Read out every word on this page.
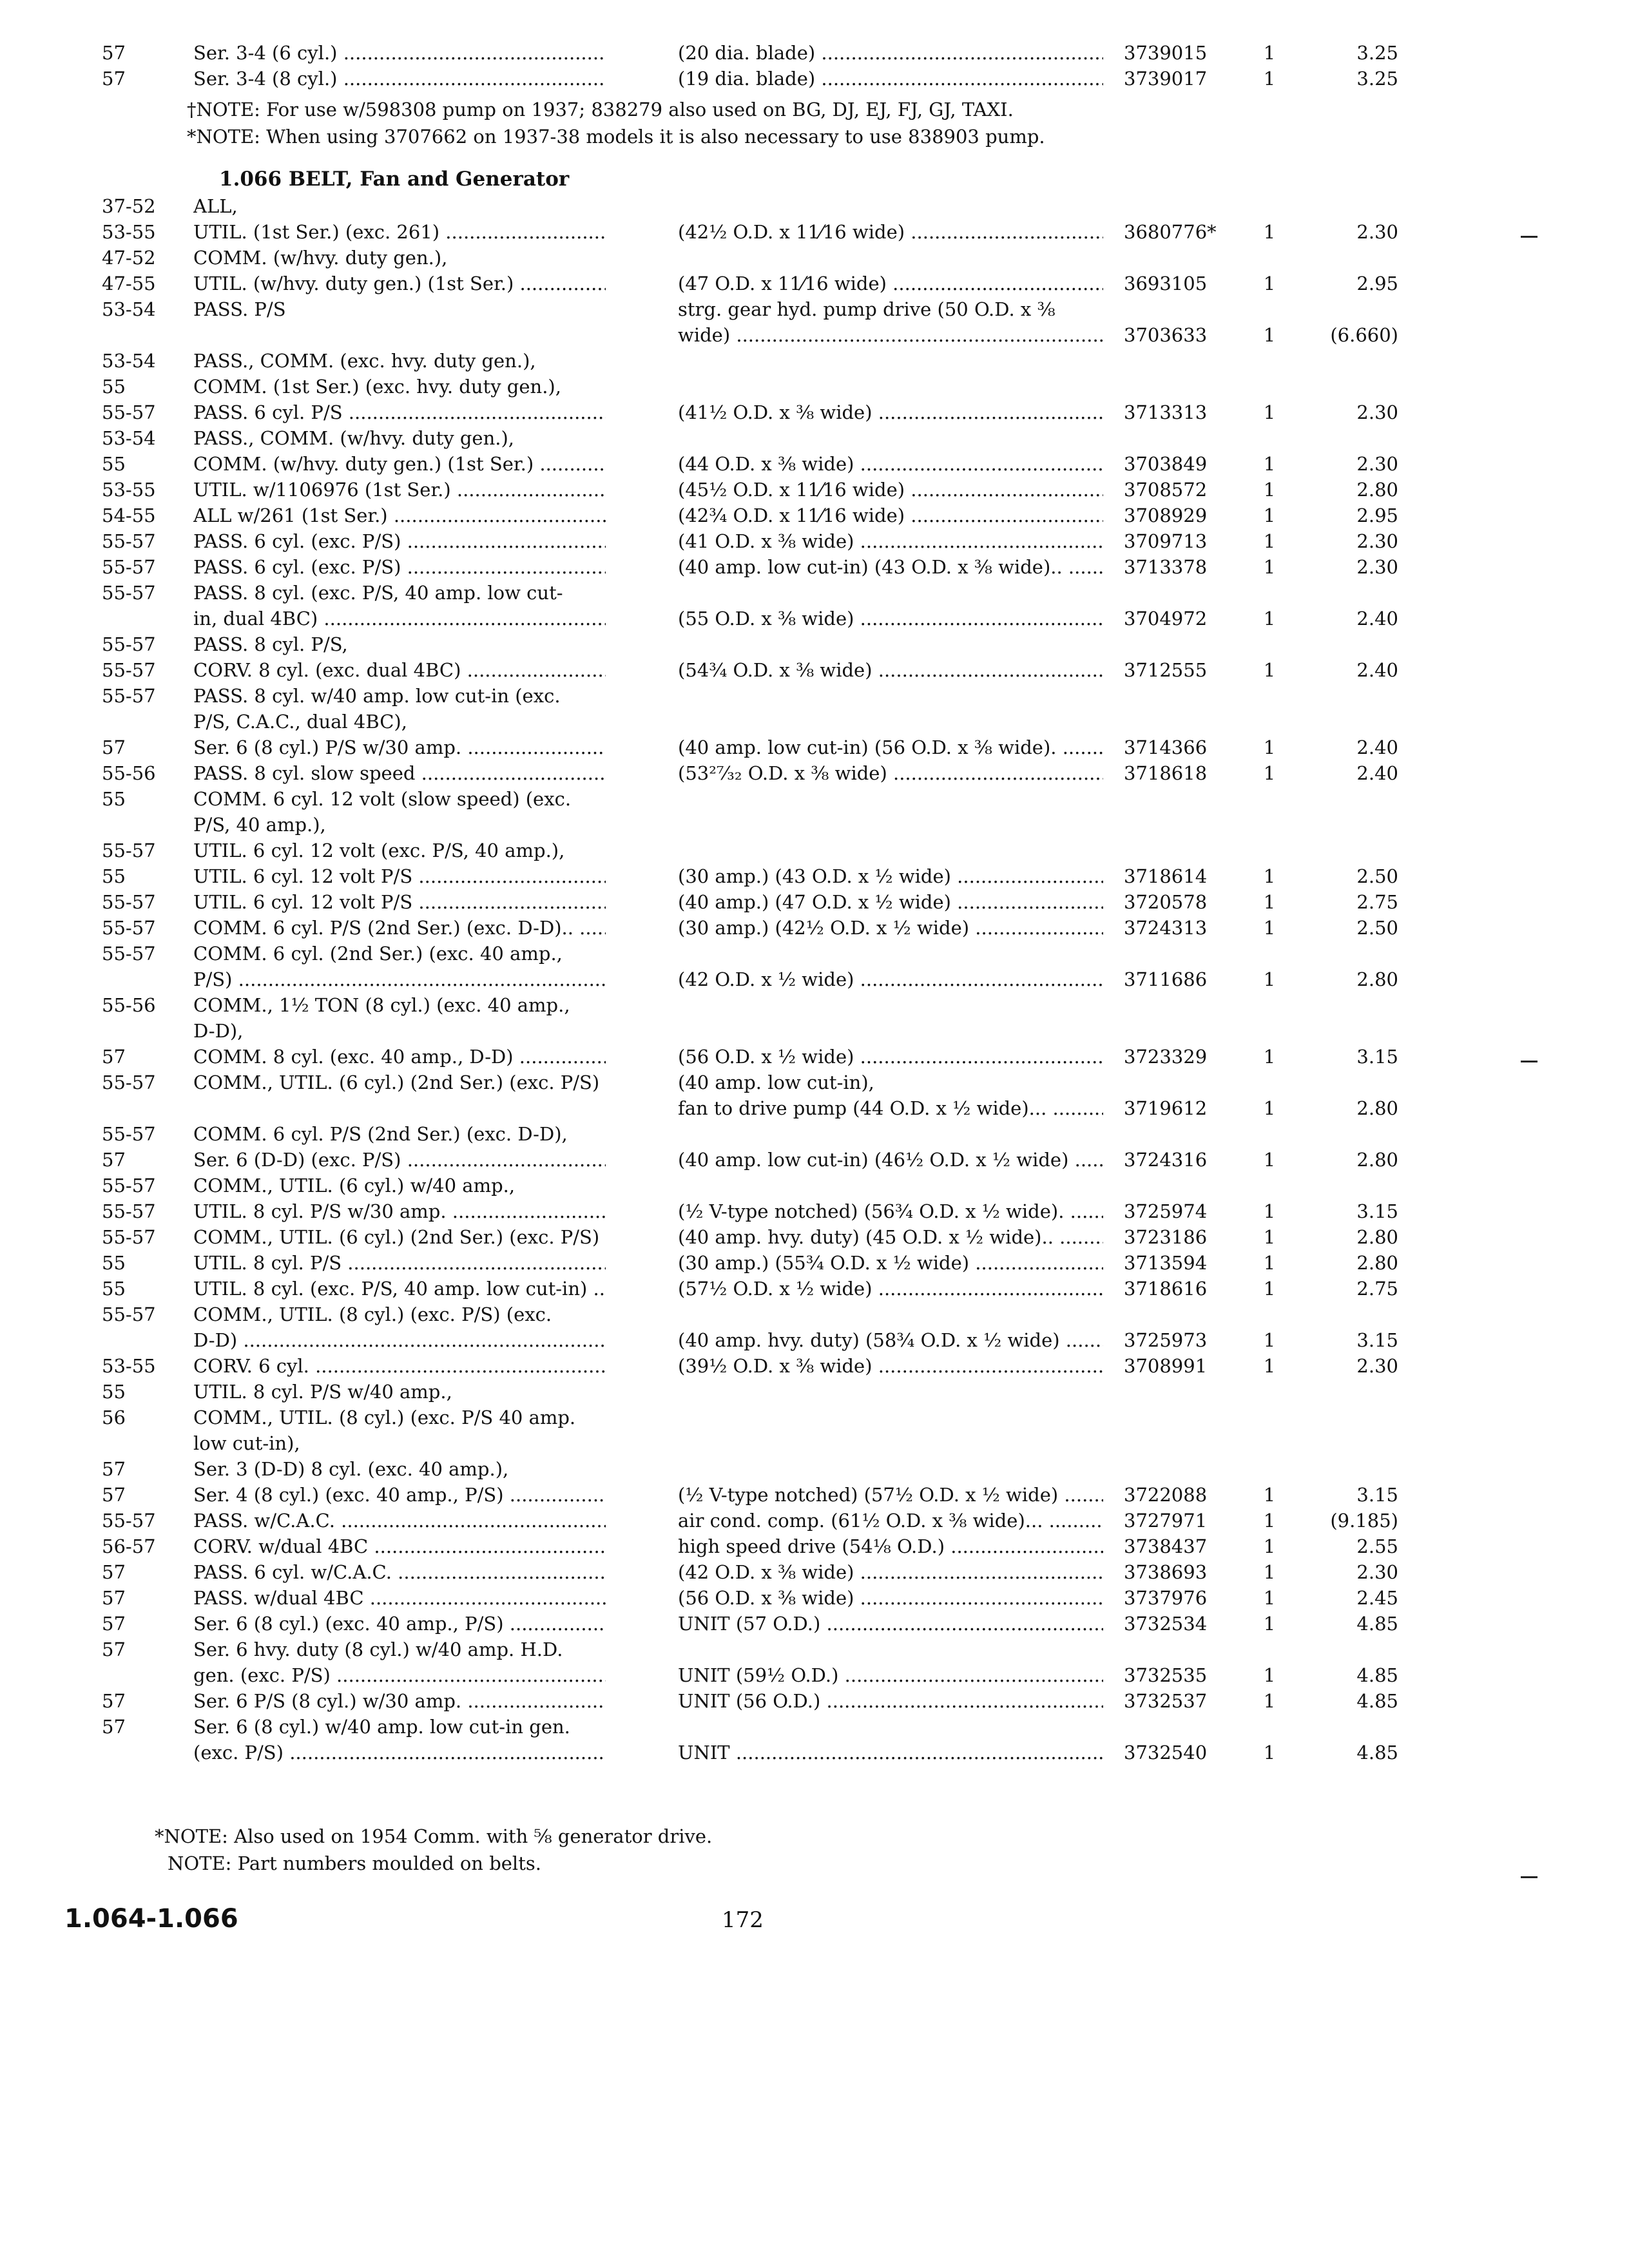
57	Ser. 3-4 (6 cyl.) .....	(20 dia. blade) .....	3739015	1	3.25
57	Ser. 3-4 (8 cyl.) .....	(19 dia. blade) .....	3739017	1	3.25
†NOTE: For use w/598308 pump on 1937; 838279 also used on BG, DJ, EJ, FJ, GJ, TAXI.
*NOTE: When using 3707662 on 1937-38 models it is also necessary to use 838903 pump.
1.066 BELT, Fan and Generator
37-52	ALL,
53-55	UTIL. (1st Ser.) (exc. 261) .....	(42½ O.D. x 11⁄16 wide) .....	3680776*	1	2.30
47-52	COMM. (w/hvy. duty gen.),
47-55	UTIL. (w/hvy. duty gen.) (1st Ser.) .....	(47 O.D. x 11⁄16 wide) .....	3693105	1	2.95
53-54	PASS. P/S	strg. gear hyd. pump drive (50 O.D. x ⅜
wide) .....	3703633	1	(6.660)
53-54	PASS., COMM. (exc. hvy. duty gen.),
55	COMM. (1st Ser.) (exc. hvy. duty gen.),
55-57	PASS. 6 cyl. P/S .....	(41½ O.D. x ⅜ wide) .....	3713313	1	2.30
53-54	PASS., COMM. (w/hvy. duty gen.),
55	COMM. (w/hvy. duty gen.) (1st Ser.) .....	(44 O.D. x ⅜ wide) .....	3703849	1	2.30
53-55	UTIL. w/1106976 (1st Ser.) .....	(45½ O.D. x 11⁄16 wide) .....	3708572	1	2.80
54-55	ALL w/261 (1st Ser.) .....	(42¾ O.D. x 11⁄16 wide) .....	3708929	1	2.95
55-57	PASS. 6 cyl. (exc. P/S) .....	(41 O.D. x ⅜ wide) .....	3709713	1	2.30
55-57	PASS. 6 cyl. (exc. P/S) .....	(40 amp. low cut-in) (43 O.D. x ⅜ wide).. .....	3713378	1	2.30
55-57	PASS. 8 cyl. (exc. P/S, 40 amp. low cut-
in, dual 4BC) .....	(55 O.D. x ⅜ wide) .....	3704972	1	2.40
55-57	PASS. 8 cyl. P/S,
55-57	CORV. 8 cyl. (exc. dual 4BC) .....	(54¾ O.D. x ⅜ wide) .....	3712555	1	2.40
55-57	PASS. 8 cyl. w/40 amp. low cut-in (exc.
P/S, C.A.C., dual 4BC),
57	Ser. 6 (8 cyl.) P/S w/30 amp. .....	(40 amp. low cut-in) (56 O.D. x ⅜ wide). .....	3714366	1	2.40
55-56	PASS. 8 cyl. slow speed .....	(53²⁷⁄₃₂ O.D. x ⅜ wide) .....	3718618	1	2.40
55	COMM. 6 cyl. 12 volt (slow speed) (exc.
P/S, 40 amp.),
55-57	UTIL. 6 cyl. 12 volt (exc. P/S, 40 amp.),
55	UTIL. 6 cyl. 12 volt P/S .....	(30 amp.) (43 O.D. x ½ wide) .....	3718614	1	2.50
55-57	UTIL. 6 cyl. 12 volt P/S .....	(40 amp.) (47 O.D. x ½ wide) .....	3720578	1	2.75
55-57	COMM. 6 cyl. P/S (2nd Ser.) (exc. D-D).. .....	(30 amp.) (42½ O.D. x ½ wide) .....	3724313	1	2.50
55-57	COMM. 6 cyl. (2nd Ser.) (exc. 40 amp.,
P/S) .....	(42 O.D. x ½ wide) .....	3711686	1	2.80
55-56	COMM., 1½ TON (8 cyl.) (exc. 40 amp.,
D-D),
57	COMM. 8 cyl. (exc. 40 amp., D-D) .....	(56 O.D. x ½ wide) .....	3723329	1	3.15
55-57	COMM., UTIL. (6 cyl.) (2nd Ser.) (exc. P/S)	(40 amp. low cut-in),
fan to drive pump (44 O.D. x ½ wide)... .....	3719612	1	2.80
55-57	COMM. 6 cyl. P/S (2nd Ser.) (exc. D-D),
57	Ser. 6 (D-D) (exc. P/S) .....	(40 amp. low cut-in) (46½ O.D. x ½ wide) .....	3724316	1	2.80
55-57	COMM., UTIL. (6 cyl.) w/40 amp.,
55-57	UTIL. 8 cyl. P/S w/30 amp. .....	(½ V-type notched) (56¾ O.D. x ½ wide). .....	3725974	1	3.15
55-57	COMM., UTIL. (6 cyl.) (2nd Ser.) (exc. P/S) .....	(40 amp. hvy. duty) (45 O.D. x ½ wide).. .....	3723186	1	2.80
55	UTIL. 8 cyl. P/S .....	(30 amp.) (55¾ O.D. x ½ wide) .....	3713594	1	2.80
55	UTIL. 8 cyl. (exc. P/S, 40 amp. low cut-in) .....	(57½ O.D. x ½ wide) .....	3718616	1	2.75
55-57	COMM., UTIL. (8 cyl.) (exc. P/S) (exc.
D-D) .....	(40 amp. hvy. duty) (58¾ O.D. x ½ wide) .....	3725973	1	3.15
53-55	CORV. 6 cyl. .....	(39½ O.D. x ⅜ wide) .....	3708991	1	2.30
55	UTIL. 8 cyl. P/S w/40 amp.,
56	COMM., UTIL. (8 cyl.) (exc. P/S 40 amp.
low cut-in),
57	Ser. 3 (D-D) 8 cyl. (exc. 40 amp.),
57	Ser. 4 (8 cyl.) (exc. 40 amp., P/S) .....	(½ V-type notched) (57½ O.D. x ½ wide) .....	3722088	1	3.15
55-57	PASS. w/C.A.C. .....	air cond. comp. (61½ O.D. x ⅜ wide)... .....	3727971	1	(9.185)
56-57	CORV. w/dual 4BC .....	high speed drive (54⅛ O.D.) .....	3738437	1	2.55
57	PASS. 6 cyl. w/C.A.C. .....	(42 O.D. x ⅜ wide) .....	3738693	1	2.30
57	PASS. w/dual 4BC .....	(56 O.D. x ⅜ wide) .....	3737976	1	2.45
57	Ser. 6 (8 cyl.) (exc. 40 amp., P/S) .....	UNIT (57 O.D.) .....	3732534	1	4.85
57	Ser. 6 hvy. duty (8 cyl.) w/40 amp. H.D.
gen. (exc. P/S) .....	UNIT (59½ O.D.) .....	3732535	1	4.85
57	Ser. 6 P/S (8 cyl.) w/30 amp. .....	UNIT (56 O.D.) .....	3732537	1	4.85
57	Ser. 6 (8 cyl.) w/40 amp. low cut-in gen.
(exc. P/S) .....	UNIT .....	3732540	1	4.85
*NOTE: Also used on 1954 Comm. with ⅝ generator drive.
NOTE: Part numbers moulded on belts.
1.064-1.066	172
